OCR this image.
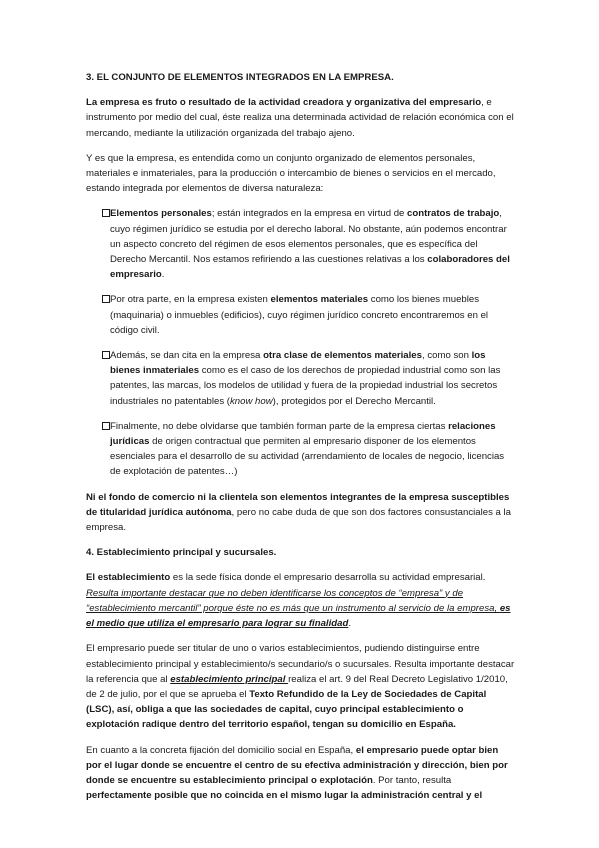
3. EL CONJUNTO DE ELEMENTOS INTEGRADOS EN LA EMPRESA.

La empresa es fruto o resultado de la actividad creadora y organizativa del empresario, e instrumento por medio del cual, éste realiza una determinada actividad de relación económica con el mercando, mediante la utilización organizada del trabajo ajeno.

Y es que la empresa, es entendida como un conjunto organizado de elementos personales, materiales e inmateriales, para la producción o intercambio de bienes o servicios en el mercado, estando integrada por elementos de diversa naturaleza:

Elementos personales; están integrados en la empresa en virtud de contratos de trabajo, cuyo régimen jurídico se estudia por el derecho laboral. No obstante, aún podemos encontrar un aspecto concreto del régimen de esos elementos personales, que es específica del Derecho Mercantil. Nos estamos refiriendo a las cuestiones relativas a los colaboradores del empresario.
Por otra parte, en la empresa existen elementos materiales como los bienes muebles (maquinaria) o inmuebles (edificios), cuyo régimen jurídico concreto encontraremos en el código civil.
Además, se dan cita en la empresa otra clase de elementos materiales, como son los bienes inmateriales como es el caso de los derechos de propiedad industrial como son las patentes, las marcas, los modelos de utilidad y fuera de la propiedad industrial los secretos industriales no patentables (know how), protegidos por el Derecho Mercantil.
Finalmente, no debe olvidarse que también forman parte de la empresa ciertas relaciones jurídicas de origen contractual que permiten al empresario disponer de los elementos esenciales para el desarrollo de su actividad (arrendamiento de locales de negocio, licencias de explotación de patentes…)

Ni el fondo de comercio ni la clientela son elementos integrantes de la empresa susceptibles de titularidad jurídica autónoma, pero no cabe duda de que son dos factores consustanciales a la empresa.

4. Establecimiento principal y sucursales.

El establecimiento es la sede física donde el empresario desarrolla su actividad empresarial. Resulta importante destacar que no deben identificarse los conceptos de “empresa” y de “establecimiento mercantil” porque éste no es más que un instrumento al servicio de la empresa, es el medio que utiliza el empresario para lograr su finalidad.

El empresario puede ser titular de uno o varios establecimientos, pudiendo distinguirse entre establecimiento principal y establecimiento/s secundario/s o sucursales. Resulta importante destacar la referencia que al establecimiento principal realiza el art. 9 del Real Decreto Legislativo 1/2010, de 2 de julio, por el que se aprueba el Texto Refundido de la Ley de Sociedades de Capital (LSC), así, obliga a que las sociedades de capital, cuyo principal establecimiento o explotación radique dentro del territorio español, tengan su domicilio en España.

En cuanto a la concreta fijación del domicilio social en España, el empresario puede optar bien por el lugar donde se encuentre el centro de su efectiva administración y dirección, bien por donde se encuentre su establecimiento principal o explotación. Por tanto, resulta perfectamente posible que no coincida en el mismo lugar la administración central y el
